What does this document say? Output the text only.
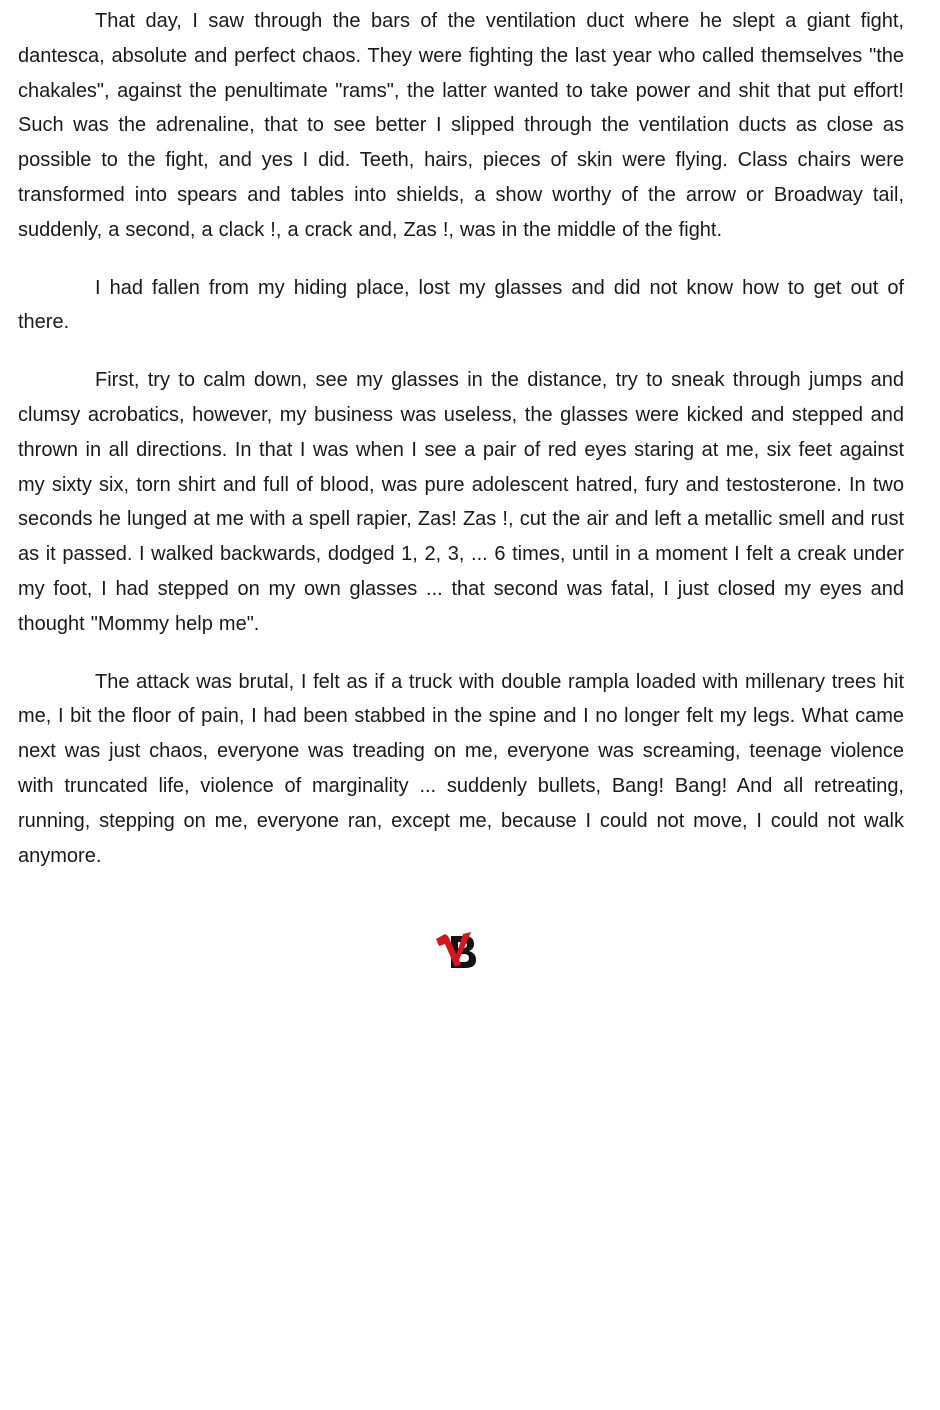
That day, I saw through the bars of the ventilation duct where he slept a giant fight, dantesca, absolute and perfect chaos. They were fighting the last year who called themselves "the chakales", against the penultimate "rams", the latter wanted to take power and shit that put effort! Such was the adrenaline, that to see better I slipped through the ventilation ducts as close as possible to the fight, and yes I did. Teeth, hairs, pieces of skin were flying. Class chairs were transformed into spears and tables into shields, a show worthy of the arrow or Broadway tail, suddenly, a second, a clack !, a crack and, Zas !, was in the middle of the fight.

I had fallen from my hiding place, lost my glasses and did not know how to get out of there.

First, try to calm down, see my glasses in the distance, try to sneak through jumps and clumsy acrobatics, however, my business was useless, the glasses were kicked and stepped and thrown in all directions. In that I was when I see a pair of red eyes staring at me, six feet against my sixty six, torn shirt and full of blood, was pure adolescent hatred, fury and testosterone. In two seconds he lunged at me with a spell rapier, Zas! Zas !, cut the air and left a metallic smell and rust as it passed. I walked backwards, dodged 1, 2, 3, ... 6 times, until in a moment I felt a creak under my foot, I had stepped on my own glasses ... that second was fatal, I just closed my eyes and thought "Mommy help me".

The attack was brutal, I felt as if a truck with double rampla loaded with millenary trees hit me, I bit the floor of pain, I had been stabbed in the spine and I no longer felt my legs. What came next was just chaos, everyone was treading on me, everyone was screaming, teenage violence with truncated life, violence of marginality ... suddenly bullets, Bang! Bang! And all retreating, running, stepping on me, everyone ran, except me, because I could not move, I could not walk anymore.
